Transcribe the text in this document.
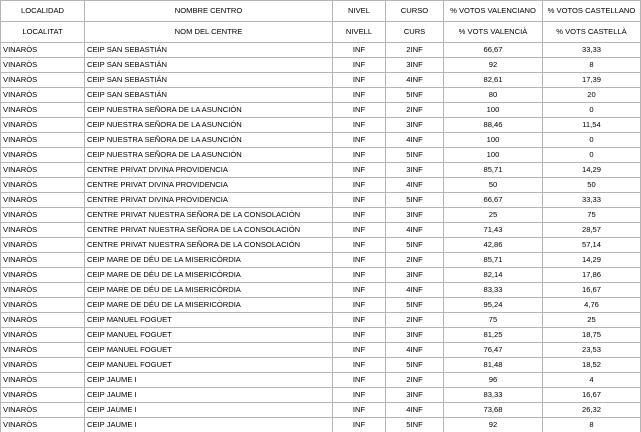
LOCALIDAD	NOMBRE CENTRO	NIVEL	CURSO	% VOTOS VALENCIANO	% VOTOS CASTELLANO
LOCALITAT	NOM DEL CENTRE	NIVELL	CURS	% VOTS VALENCIÀ	% VOTS CASTELLÀ
VINARÒS	CEIP SAN SEBASTIÁN	INF	2INF	66,67	33,33
VINARÒS	CEIP SAN SEBASTIÁN	INF	3INF	92	8
VINARÒS	CEIP SAN SEBASTIÁN	INF	4INF	82,61	17,39
VINARÒS	CEIP SAN SEBASTIÁN	INF	5INF	80	20
VINARÒS	CEIP NUESTRA SEÑORA DE LA ASUNCIÓN	INF	2INF	100	0
VINARÒS	CEIP NUESTRA SEÑORA DE LA ASUNCIÓN	INF	3INF	88,46	11,54
VINARÒS	CEIP NUESTRA SEÑORA DE LA ASUNCIÓN	INF	4INF	100	0
VINARÒS	CEIP NUESTRA SEÑORA DE LA ASUNCIÓN	INF	5INF	100	0
VINARÒS	CENTRE PRIVAT DIVINA PROVIDENCIA	INF	3INF	85,71	14,29
VINARÒS	CENTRE PRIVAT DIVINA PROVIDENCIA	INF	4INF	50	50
VINARÒS	CENTRE PRIVAT DIVINA PROVIDENCIA	INF	5INF	66,67	33,33
VINARÒS	CENTRE PRIVAT NUESTRA SEÑORA DE LA CONSOLACIÓN	INF	3INF	25	75
VINARÒS	CENTRE PRIVAT NUESTRA SEÑORA DE LA CONSOLACIÓN	INF	4INF	71,43	28,57
VINARÒS	CENTRE PRIVAT NUESTRA SEÑORA DE LA CONSOLACIÓN	INF	5INF	42,86	57,14
VINARÒS	CEIP MARE DE DÉU DE LA MISERICÒRDIA	INF	2INF	85,71	14,29
VINARÒS	CEIP MARE DE DÉU DE LA MISERICÒRDIA	INF	3INF	82,14	17,86
VINARÒS	CEIP MARE DE DÉU DE LA MISERICÒRDIA	INF	4INF	83,33	16,67
VINARÒS	CEIP MARE DE DÉU DE LA MISERICÒRDIA	INF	5INF	95,24	4,76
VINARÒS	CEIP MANUEL FOGUET	INF	2INF	75	25
VINARÒS	CEIP MANUEL FOGUET	INF	3INF	81,25	18,75
VINARÒS	CEIP MANUEL FOGUET	INF	4INF	76,47	23,53
VINARÒS	CEIP MANUEL FOGUET	INF	5INF	81,48	18,52
VINARÒS	CEIP JAUME I	INF	2INF	96	4
VINARÒS	CEIP JAUME I	INF	3INF	83,33	16,67
VINARÒS	CEIP JAUME I	INF	4INF	73,68	26,32
VINARÒS	CEIP JAUME I	INF	5INF	92	8
